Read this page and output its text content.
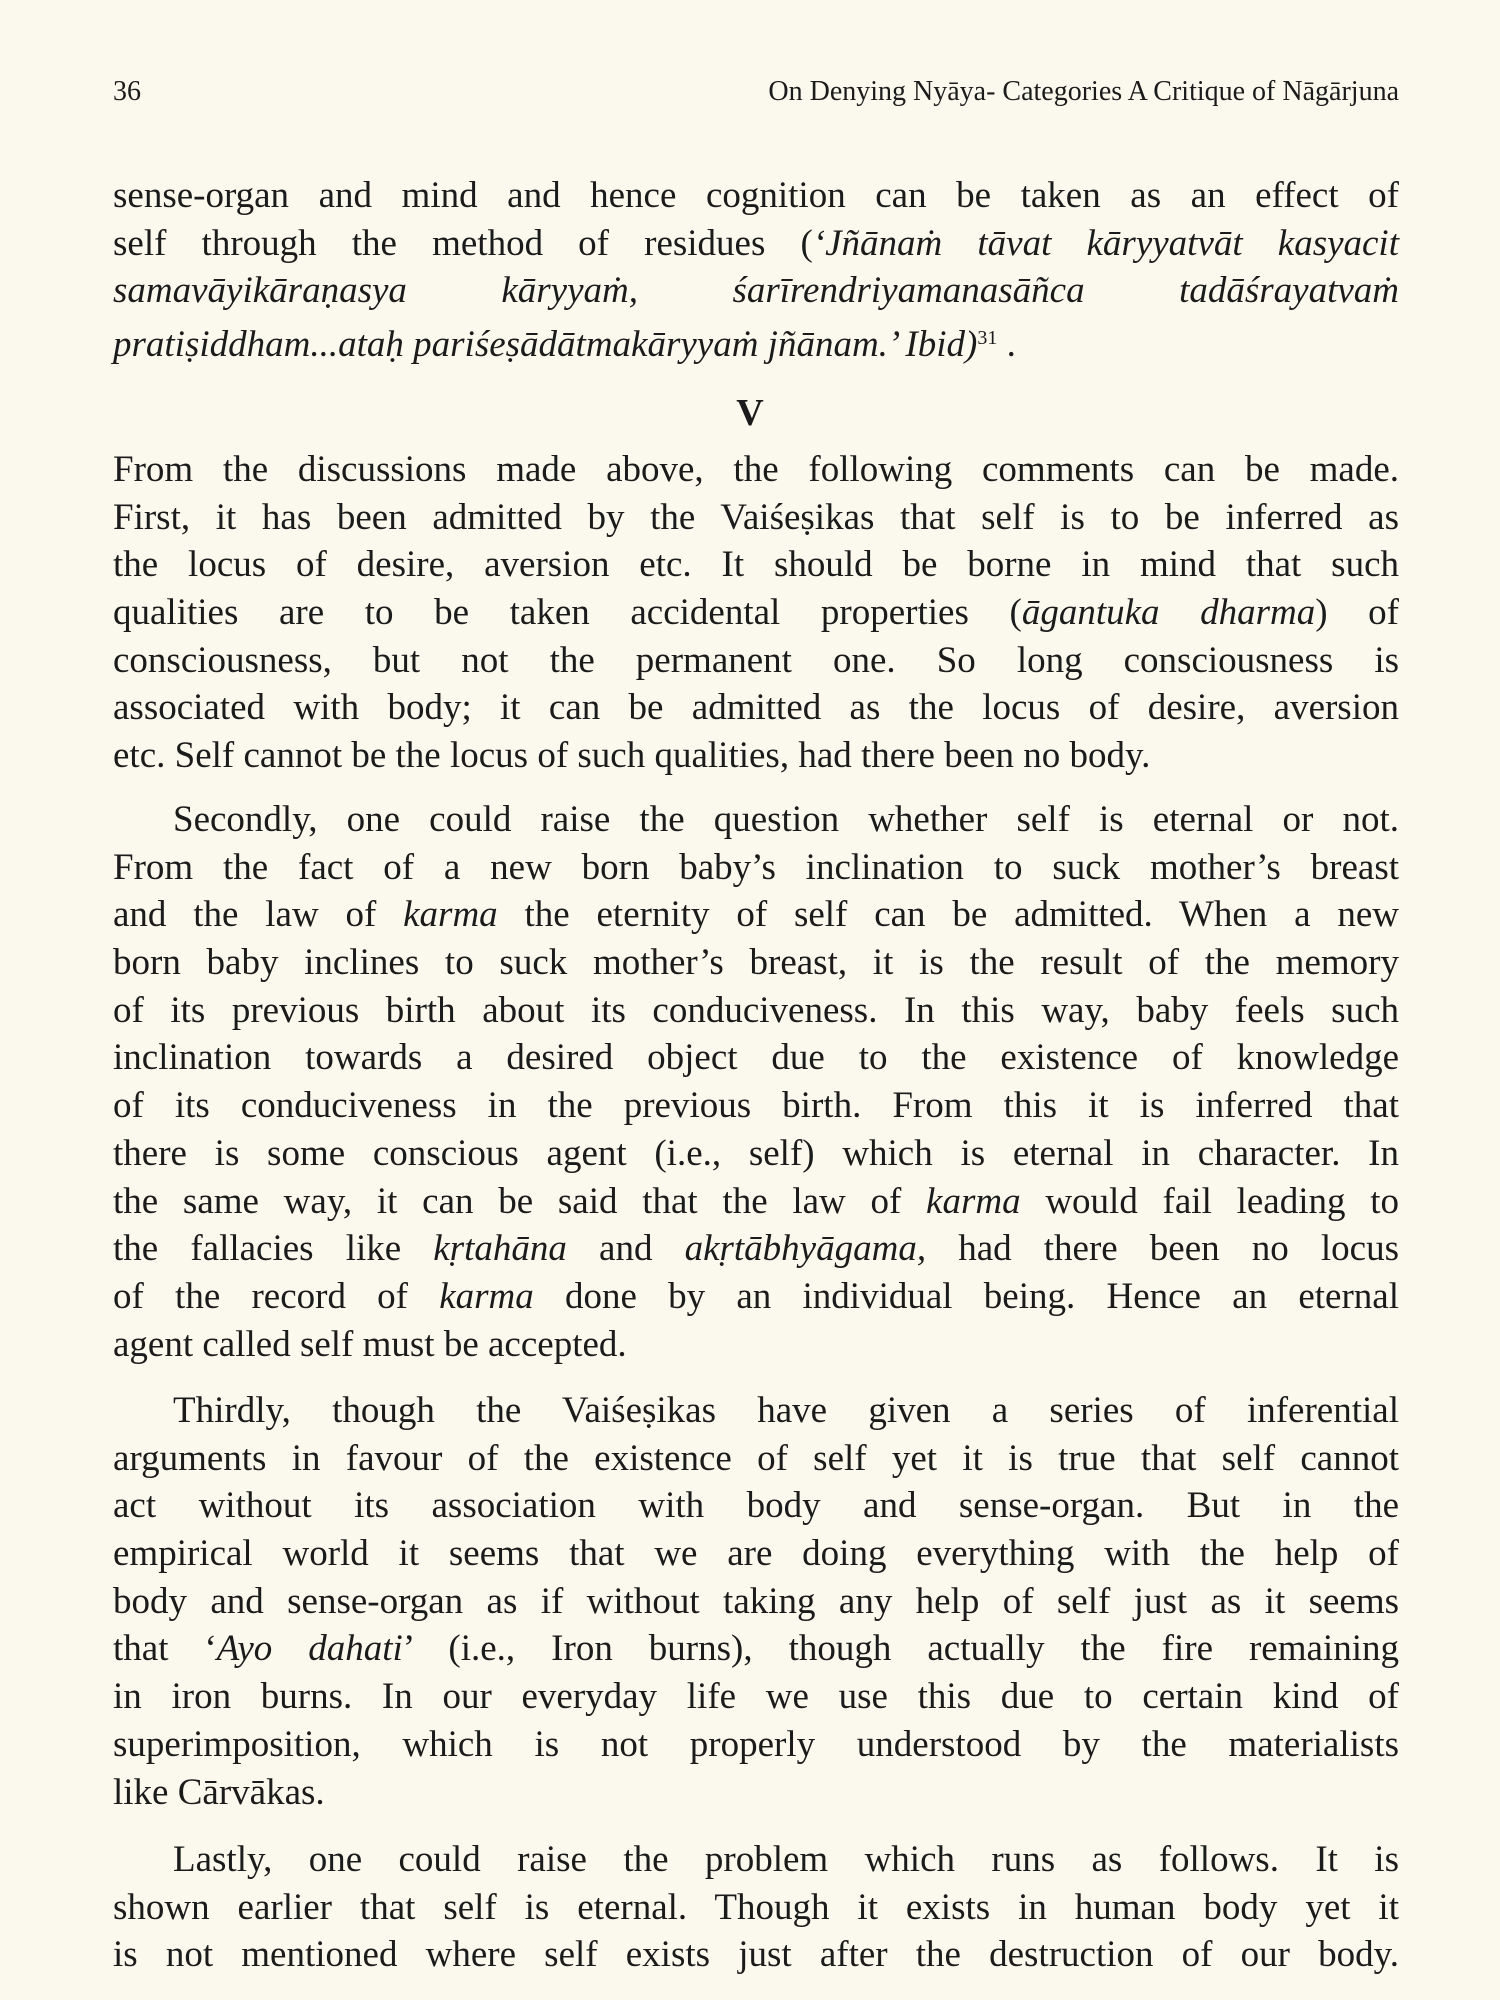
36	On Denying Nyāya- Categories A Critique of Nāgārjuna
V
sense-organ and mind and hence cognition can be taken as an effect of
self through the method of residues (‘Jñānaṁ tāvat kāryyatvāt kasyacit
samavāyikāraṇasya kāryyaṁ, śarīrendriyamanasāñca tadāśrayatvaṁ
pratiṣiddham...ataḥ pariśeṣādātmakāryyaṁ jñānam.’ Ibid)$^{31}$ .
From the discussions made above, the following comments can be made.
First, it has been admitted by the Vaiśeṣikas that self is to be inferred as
the locus of desire, aversion etc. It should be borne in mind that such
qualities are to be taken accidental properties (āgantuka dharma) of
consciousness, but not the permanent one. So long consciousness is
associated with body; it can be admitted as the locus of desire, aversion
etc. Self cannot be the locus of such qualities, had there been no body.
Secondly, one could raise the question whether self is eternal or not.
From the fact of a new born baby’s inclination to suck mother’s breast
and the law of karma the eternity of self can be admitted. When a new
born baby inclines to suck mother’s breast, it is the result of the memory
of its previous birth about its conduciveness. In this way, baby feels such
inclination towards a desired object due to the existence of knowledge
of its conduciveness in the previous birth. From this it is inferred that
there is some conscious agent (i.e., self) which is eternal in character. In
the same way, it can be said that the law of karma would fail leading to
the fallacies like kṛtahāna and akṛtābhyāgama, had there been no locus
of the record of karma done by an individual being. Hence an eternal
agent called self must be accepted.
Thirdly, though the Vaiśeṣikas have given a series of inferential
arguments in favour of the existence of self yet it is true that self cannot
act without its association with body and sense-organ. But in the
empirical world it seems that we are doing everything with the help of
body and sense-organ as if without taking any help of self just as it seems
that ‘Ayo dahati’ (i.e., Iron burns), though actually the fire remaining
in iron burns. In our everyday life we use this due to certain kind of
superimposition, which is not properly understood by the materialists
like Cārvākas.
Lastly, one could raise the problem which runs as follows. It is
shown earlier that self is eternal. Though it exists in human body yet it
is not mentioned where self exists just after the destruction of our body.
